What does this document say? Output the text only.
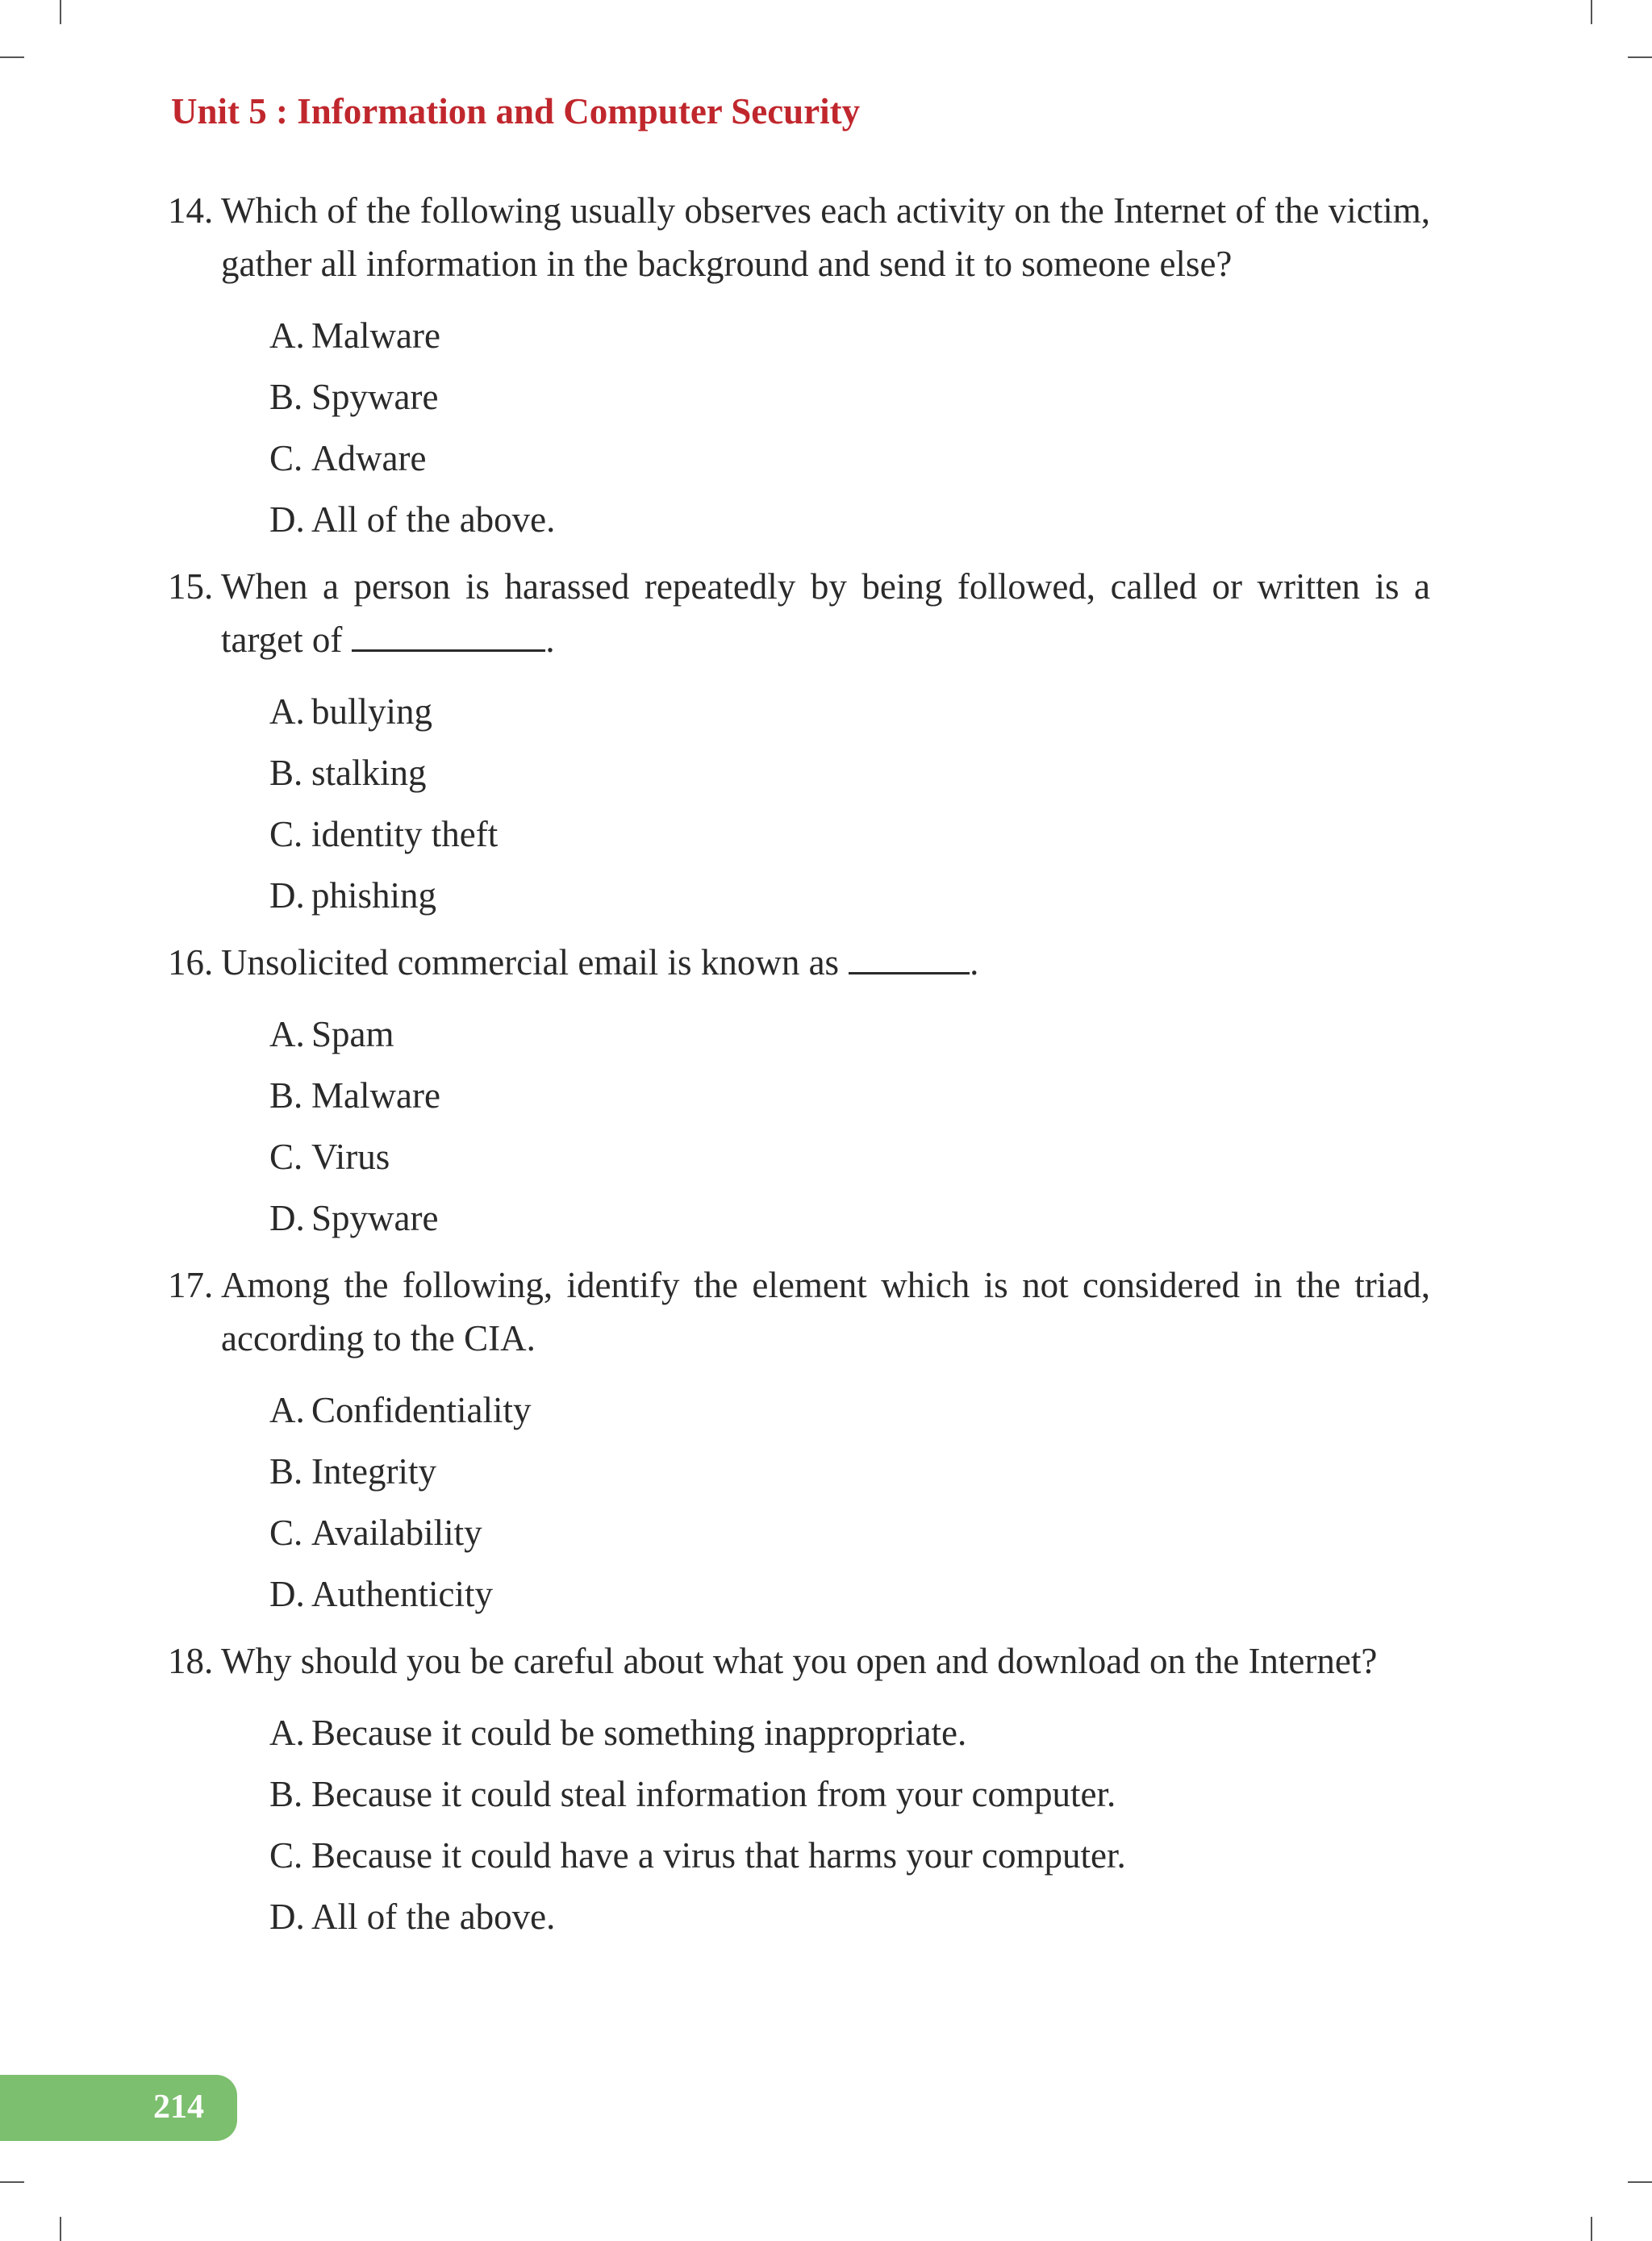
Unit 5 : Information and Computer Security
14. Which of the following usually observes each activity on the Internet of the victim, gather all information in the background and send it to someone else?
A. Malware
B. Spyware
C. Adware
D. All of the above.
15. When a person is harassed repeatedly by being followed, called or written is a target of	.
A. bullying
B. stalking
C. identity theft
D. phishing
16. Unsolicited commercial email is known as	.
A. Spam
B. Malware
C. Virus
D. Spyware
17. Among the following, identify the element which is not considered in the triad, according to the CIA.
A. Confidentiality
B. Integrity
C. Availability
D. Authenticity
18. Why should you be careful about what you open and download on the Internet?
A. Because it could be something inappropriate.
B. Because it could steal information from your computer.
C. Because it could have a virus that harms your computer.
D. All of the above.
214
